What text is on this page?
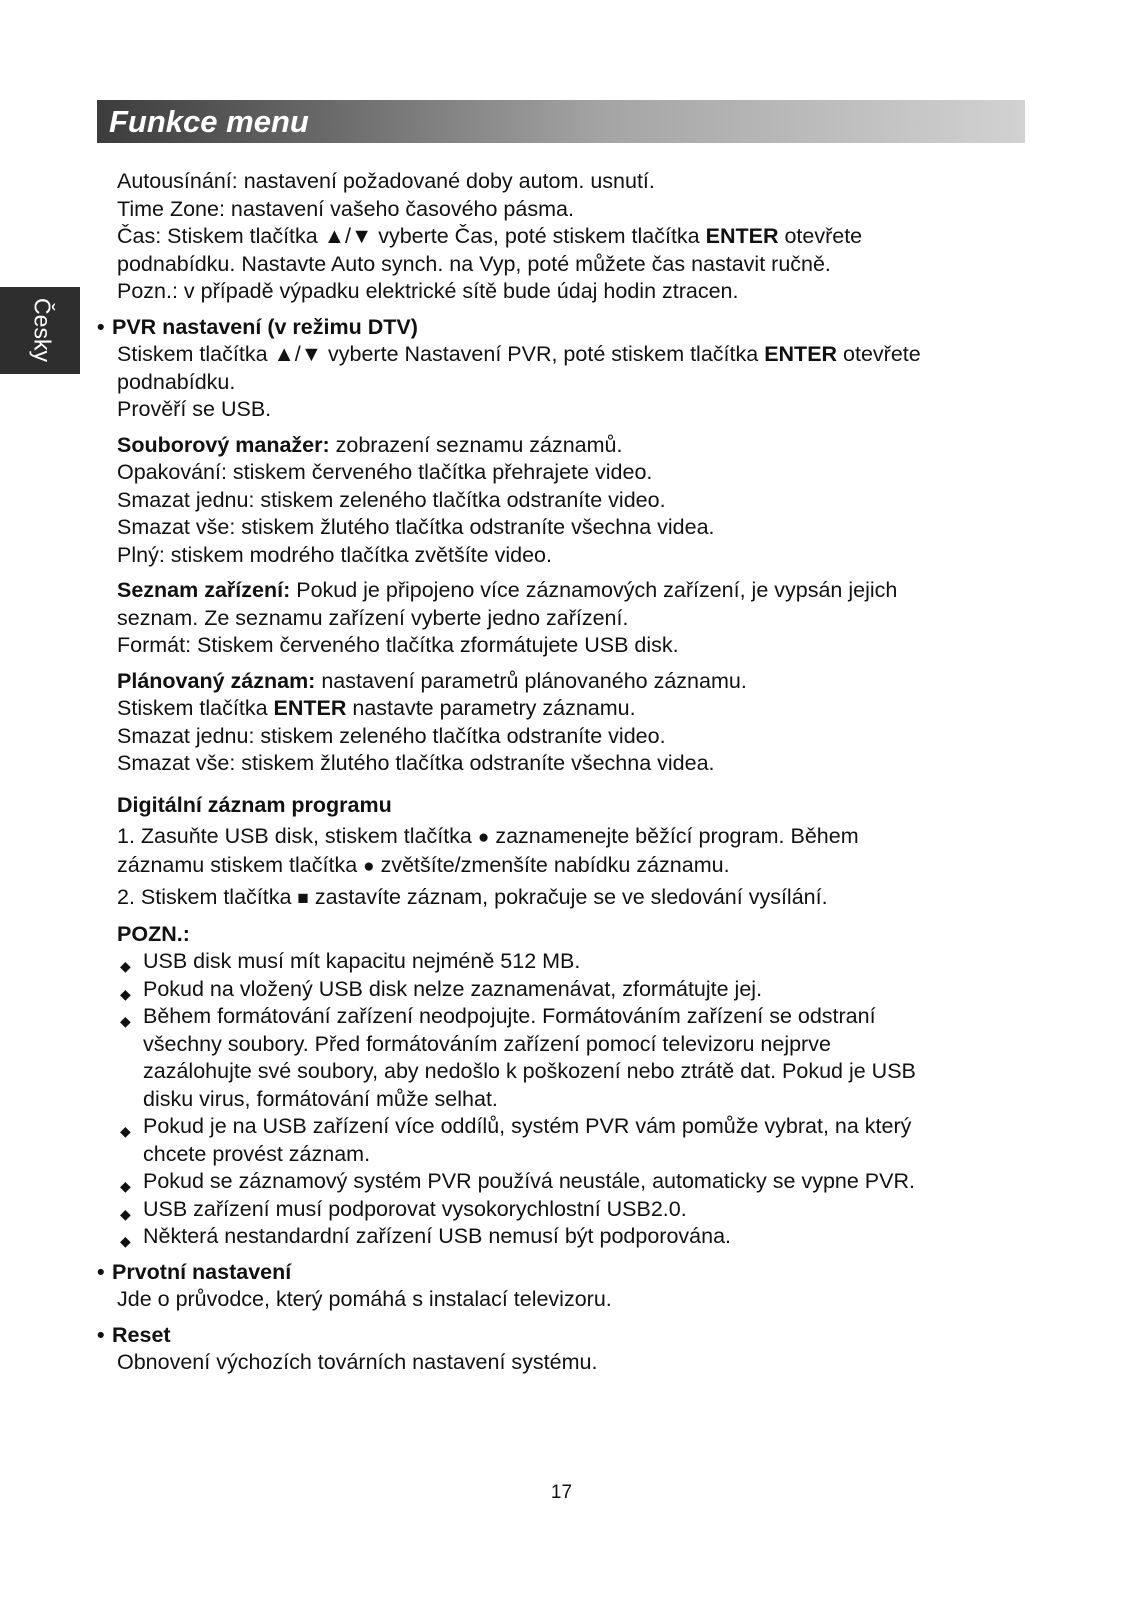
Funkce menu
Česky
Autousínání: nastavení požadované doby autom. usnutí.
Time Zone: nastavení vašeho časového pásma.
Čas: Stiskem tlačítka ▲/▼ vyberte Čas, poté stiskem tlačítka ENTER otevřete
podnabídku. Nastavte Auto synch. na Vyp, poté můžete čas nastavit ručně.
Pozn.: v případě výpadku elektrické sítě bude údaj hodin ztracen.
• PVR nastavení (v režimu DTV)
Stiskem tlačítka ▲/▼ vyberte Nastavení PVR, poté stiskem tlačítka ENTER otevřete
podnabídku.
Prověří se USB.
Souborový manažer: zobrazení seznamu záznamů.
Opakování: stiskem červeného tlačítka přehrajete video.
Smazat jednu: stiskem zeleného tlačítka odstraníte video.
Smazat vše: stiskem žlutého tlačítka odstraníte všechna videa.
Plný: stiskem modrého tlačítka zvětšíte video.
Seznam zařízení: Pokud je připojeno více záznamových zařízení, je vypsán jejich
seznam. Ze seznamu zařízení vyberte jedno zařízení.
Formát: Stiskem červeného tlačítka zformátujete USB disk.
Plánovaný záznam: nastavení parametrů plánovaného záznamu.
Stiskem tlačítka ENTER nastavte parametry záznamu.
Smazat jednu: stiskem zeleného tlačítka odstraníte video.
Smazat vše: stiskem žlutého tlačítka odstraníte všechna videa.
Digitální záznam programu
1. Zasuňte USB disk, stiskem tlačítka ● zaznamenejte běžící program. Během
záznamu stiskem tlačítka ● zvětšíte/zmenšíte nabídku záznamu.
2. Stiskem tlačítka ■ zastavíte záznam, pokračuje se ve sledování vysílání.
POZN.:
◆ USB disk musí mít kapacitu nejméně 512 MB.
◆ Pokud na vložený USB disk nelze zaznamenávat, zformátujte jej.
◆ Během formátování zařízení neodpojujte. Formátováním zařízení se odstraní
všechny soubory. Před formátováním zařízení pomocí televizoru nejprve
zazálohujte své soubory, aby nedošlo k poškození nebo ztrátě dat. Pokud je USB
disku virus, formátování může selhat.
◆ Pokud je na USB zařízení více oddílů, systém PVR vám pomůže vybrat, na který
chcete provést záznam.
◆ Pokud se záznamový systém PVR používá neustále, automaticky se vypne PVR.
◆ USB zařízení musí podporovat vysokorychlostní USB2.0.
◆ Některá nestandardní zařízení USB nemusí být podporována.
• Prvotní nastavení
Jde o průvodce, který pomáhá s instalací televizoru.
• Reset
Obnovení výchozích továrních nastavení systému.
17
